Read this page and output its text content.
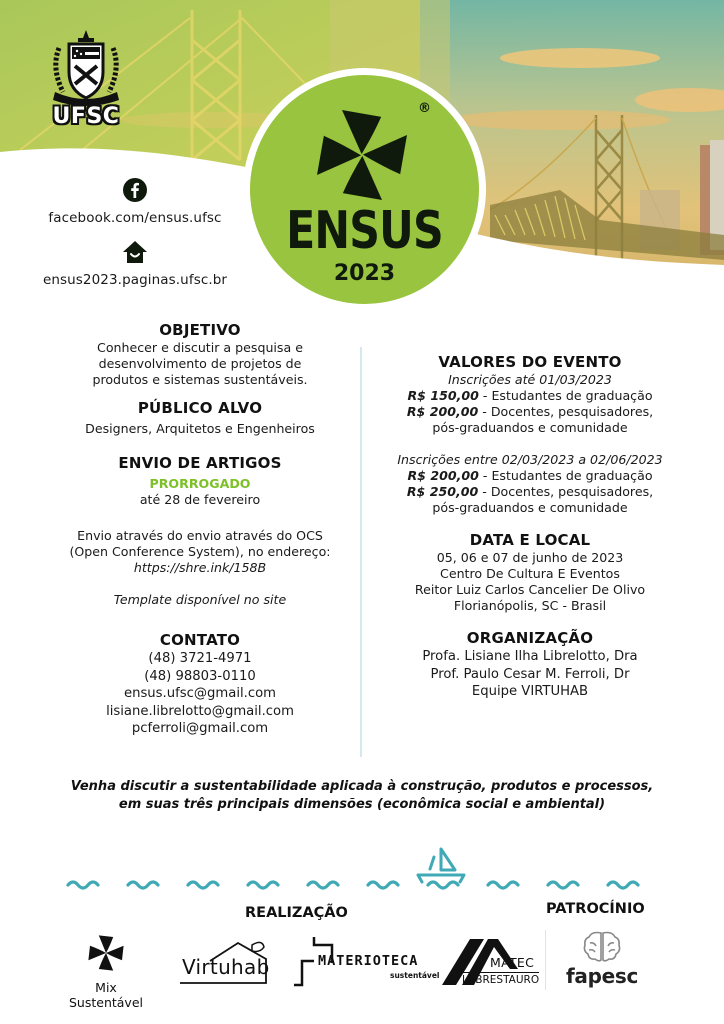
UFSC
facebook.com/ensus.ufsc
ensus2023.paginas.ufsc.br
®
ENSUS
2023
OBJETIVO
Conhecer e discutir a pesquisa e
desenvolvimento de projetos de
produtos e sistemas sustentáveis.
PÚBLICO ALVO
Designers, Arquitetos e Engenheiros
ENVIO DE ARTIGOS
PRORROGADO
até 28 de fevereiro
Envio através do envio através do OCS
(Open Conference System), no endereço:
https://shre.ink/158B
Template disponível no site
CONTATO
(48) 3721-4971
(48) 98803-0110
ensus.ufsc@gmail.com
lisiane.librelotto@gmail.com
pcferroli@gmail.com
VALORES DO EVENTO
Inscrições até 01/03/2023
R$ 150,00 - Estudantes de graduação
R$ 200,00 - Docentes, pesquisadores,
pós-graduandos e comunidade
Inscrições entre 02/03/2023 a 02/06/2023
R$ 200,00 - Estudantes de graduação
R$ 250,00 - Docentes, pesquisadores,
pós-graduandos e comunidade
DATA E LOCAL
05, 06 e 07 de junho de 2023
Centro De Cultura E Eventos
Reitor Luiz Carlos Cancelier De Olivo
Florianópolis, SC - Brasil
ORGANIZAÇÃO
Profa. Lisiane Ilha Librelotto, Dra
Prof. Paulo Cesar M. Ferroli, Dr
Equipe VIRTUHAB
Venha discutir a sustentabilidade aplicada à construção, produtos e processos,
em suas três principais dimensões (econômica social e ambiental)
REALIZAÇÃO	PATROCÍNIO
Mix Sustentável
Virtuhab	MATERIOTECA
sustentável
MATEC
LABRESTAURO fapesc
